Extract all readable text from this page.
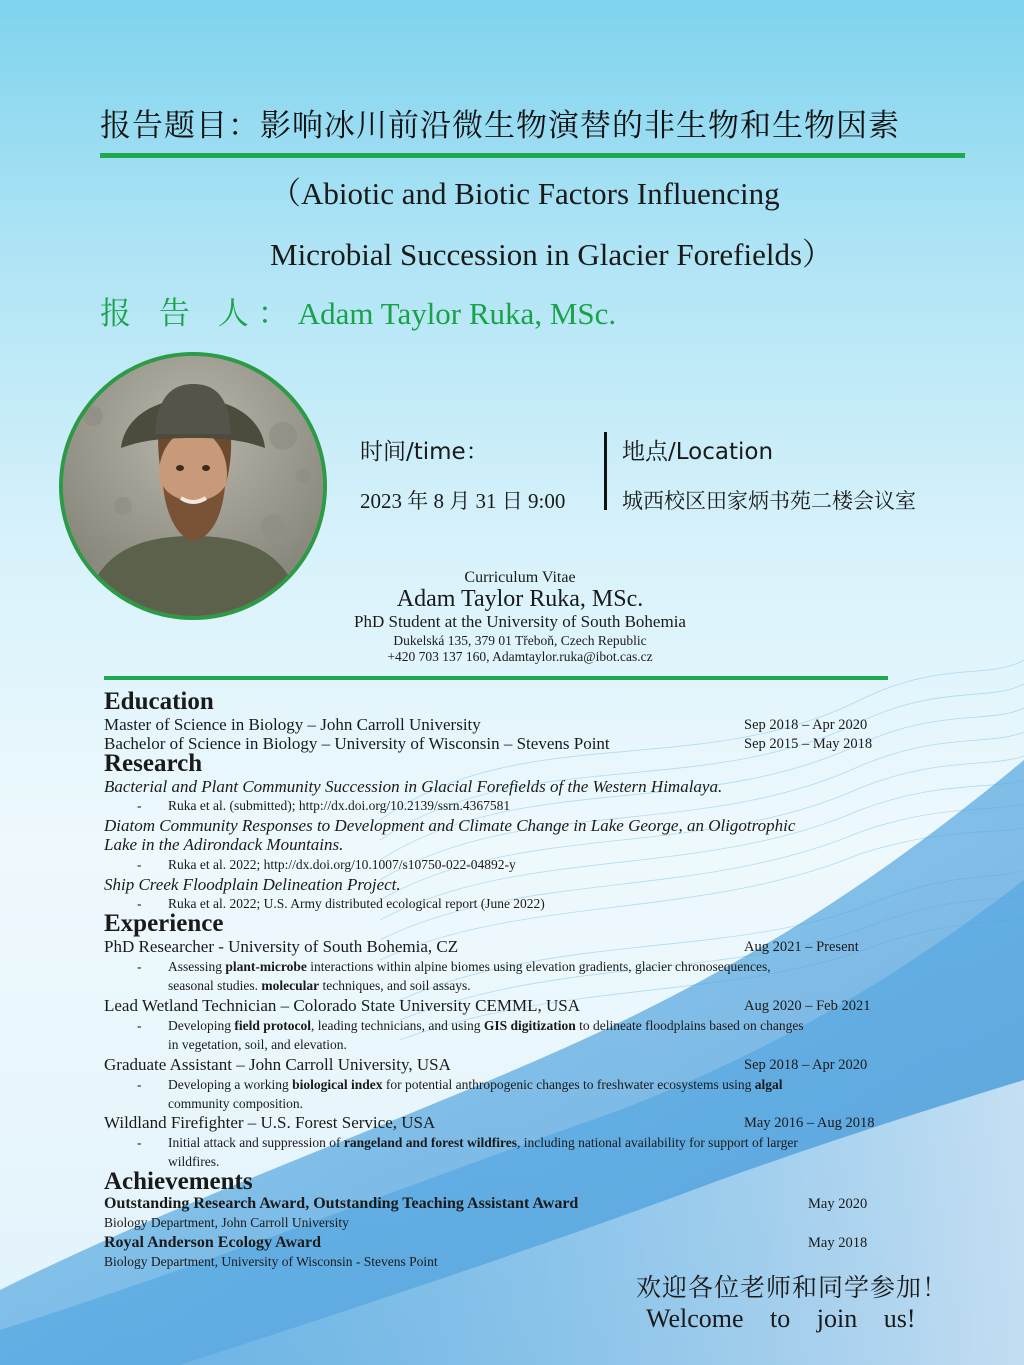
报告题目：影响冰川前沿微生物演替的非生物和生物因素
（Abiotic and Biotic Factors Influencing
Microbial Succession in Glacier Forefields）
报 告 人：Adam Taylor Ruka, MSc.
时间/time：
2023 年 8 月 31 日 9:00
地点/Location
城西校区田家炳书苑二楼会议室
Curriculum Vitae
Adam Taylor Ruka, MSc.
PhD Student at the University of South Bohemia
Dukelská 135, 379 01 Třeboň, Czech Republic
+420 703 137 160, Adamtaylor.ruka@ibot.cas.cz
Education
Master of Science in Biology – John Carroll University	Sep 2018 – Apr 2020
Bachelor of Science in Biology – University of Wisconsin – Stevens Point	Sep 2015 – May 2018
Research
Bacterial and Plant Community Succession in Glacial Forefields of the Western Himalaya.
- Ruka et al. (submitted); http://dx.doi.org/10.2139/ssrn.4367581
Diatom Community Responses to Development and Climate Change in Lake George, an Oligotrophic
Lake in the Adirondack Mountains.
- Ruka et al. 2022; http://dx.doi.org/10.1007/s10750-022-04892-y
Ship Creek Floodplain Delineation Project.
- Ruka et al. 2022; U.S. Army distributed ecological report (June 2022)
Experience
PhD Researcher - University of South Bohemia, CZ	Aug 2021 – Present
- Assessing plant-microbe interactions within alpine biomes using elevation gradients, glacier chronosequences,
seasonal studies. molecular techniques, and soil assays.
Lead Wetland Technician – Colorado State University CEMML, USA	Aug 2020 – Feb 2021
- Developing field protocol, leading technicians, and using GIS digitization to delineate floodplains based on changes
in vegetation, soil, and elevation.
Graduate Assistant – John Carroll University, USA	Sep 2018 – Apr 2020
- Developing a working biological index for potential anthropogenic changes to freshwater ecosystems using algal
community composition.
Wildland Firefighter – U.S. Forest Service, USA	May 2016 – Aug 2018
- Initial attack and suppression of rangeland and forest wildfires, including national availability for support of larger
wildfires.
Achievements
Outstanding Research Award, Outstanding Teaching Assistant Award	May 2020
Biology Department, John Carroll University
Royal Anderson Ecology Award	May 2018
Biology Department, University of Wisconsin - Stevens Point
欢迎各位老师和同学参加！
Welcome to join us!
